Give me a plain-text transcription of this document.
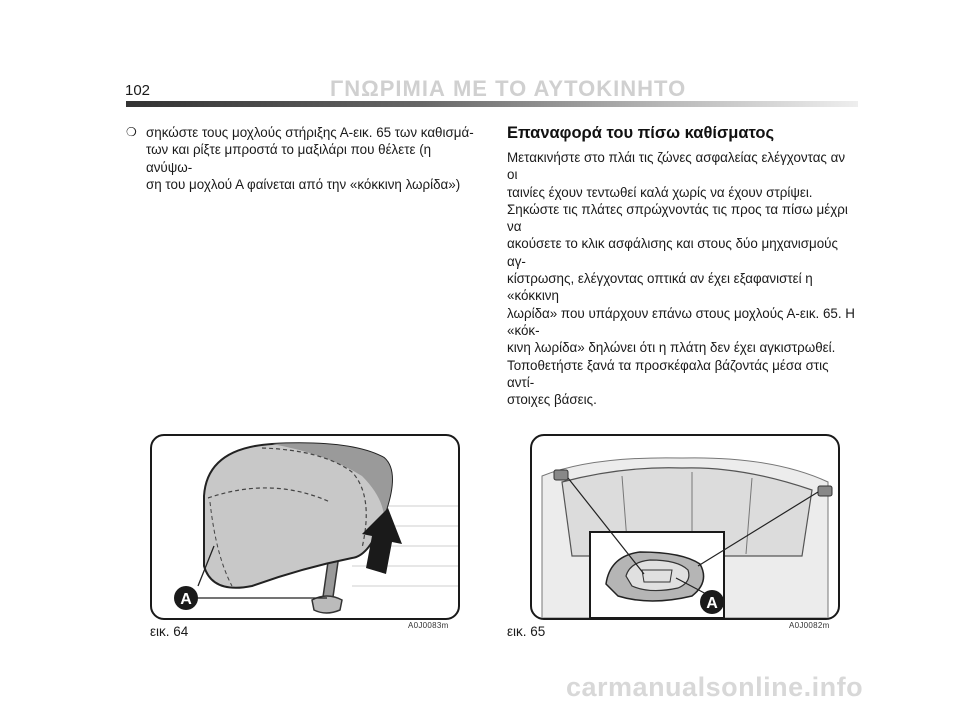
102	ΓΝΩΡΙΜΙΑ ΜΕ ΤΟ ΑΥΤΟΚΙΝΗΤΟ
❍ σηκώστε τους μοχλούς στήριξης Α-εικ. 65 των καθισμά-
των και ρίξτε μπροστά το μαξιλάρι που θέλετε (η ανύψω-
ση του μοχλού Α φαίνεται από την «κόκκινη λωρίδα»)
Επαναφορά του πίσω καθίσματος
Μετακινήστε στο πλάι τις ζώνες ασφαλείας ελέγχοντας αν οι
ταινίες έχουν τεντωθεί καλά χωρίς να έχουν στρίψει.
Σηκώστε τις πλάτες σπρώχνοντάς τις προς τα πίσω μέχρι να
ακούσετε το κλικ ασφάλισης και στους δύο μηχανισμούς αγ-
κίστρωσης, ελέγχοντας οπτικά αν έχει εξαφανιστεί η «κόκκινη
λωρίδα» που υπάρχουν επάνω στους μοχλούς Α-εικ. 65. Η «κόκ-
κινη λωρίδα» δηλώνει ότι η πλάτη δεν έχει αγκιστρωθεί.
Τοποθετήστε ξανά τα προσκέφαλα βάζοντάς μέσα στις αντί-
στοιχες βάσεις.
A	A
εικ. 64	A0J0083m	εικ. 65	A0J0082m
carmanualsonline.info
